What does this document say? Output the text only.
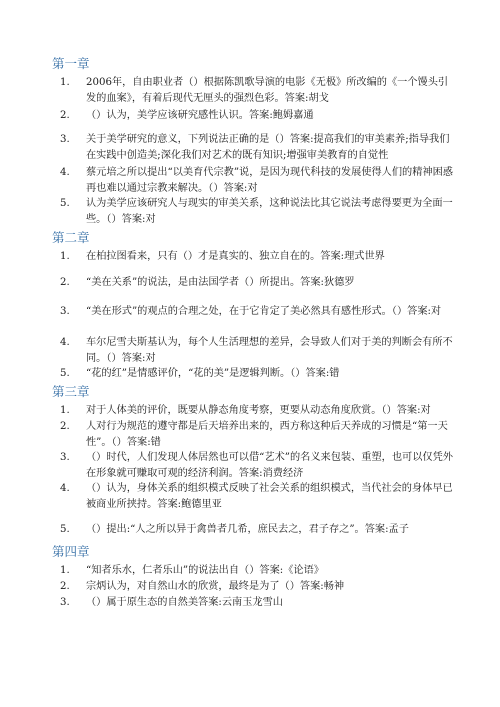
第一章
1.	2006年，自由职业者（）根据陈凯歌导演的电影《无极》所改编的《一个馒头引发的血案》，有着后现代无厘头的强烈色彩。答案:胡戈
2.	（）认为，美学应该研究感性认识。答案:鲍姆嘉通
3.	关于美学研究的意义，下列说法正确的是（）答案:提高我们的审美素养;指导我们在实践中创造美;深化我们对艺术的既有知识;增强审美教育的自觉性
4.	蔡元培之所以提出“以美育代宗教”说，是因为现代科技的发展使得人们的精神困惑再也难以通过宗教来解决。（）答案:对
5.	认为美学应该研究人与现实的审美关系，这种说法比其它说法考虑得要更为全面一些。（）答案:对
第二章
1.	在柏拉图看来，只有（）才是真实的、独立自在的。答案:理式世界
2.	“美在关系”的说法，是由法国学者（）所提出。答案:狄德罗
3.	“美在形式”的观点的合理之处，在于它肯定了美必然具有感性形式。（）答案:对
4.	车尔尼雪夫斯基认为，每个人生活理想的差异，会导致人们对于美的判断会有所不同。（）答案:对
5.	“花的红”是情感评价，“花的美”是逻辑判断。（）答案:错
第三章
1.	对于人体美的评价，既要从静态角度考察，更要从动态角度欣赏。（）答案:对
2.	人对行为规范的遵守都是后天培养出来的，西方称这种后天养成的习惯是“第一天性”。（）答案:错
3.	（）时代，人们发现人体居然也可以借“艺术”的名义来包装、重塑，也可以仅凭外在形象就可赚取可观的经济利润。答案:消费经济
4.	（）认为，身体关系的组织模式反映了社会关系的组织模式，当代社会的身体早已被商业所挟持。答案:鲍德里亚
5.	（）提出:“人之所以异于禽兽者几希，庶民去之，君子存之”。答案:孟子
第四章
1.	“知者乐水，仁者乐山”的说法出自（）答案:《论语》
2.	宗炳认为，对自然山水的欣赏，最终是为了（）答案:畅神
3.	（）属于原生态的自然美答案:云南玉龙雪山
